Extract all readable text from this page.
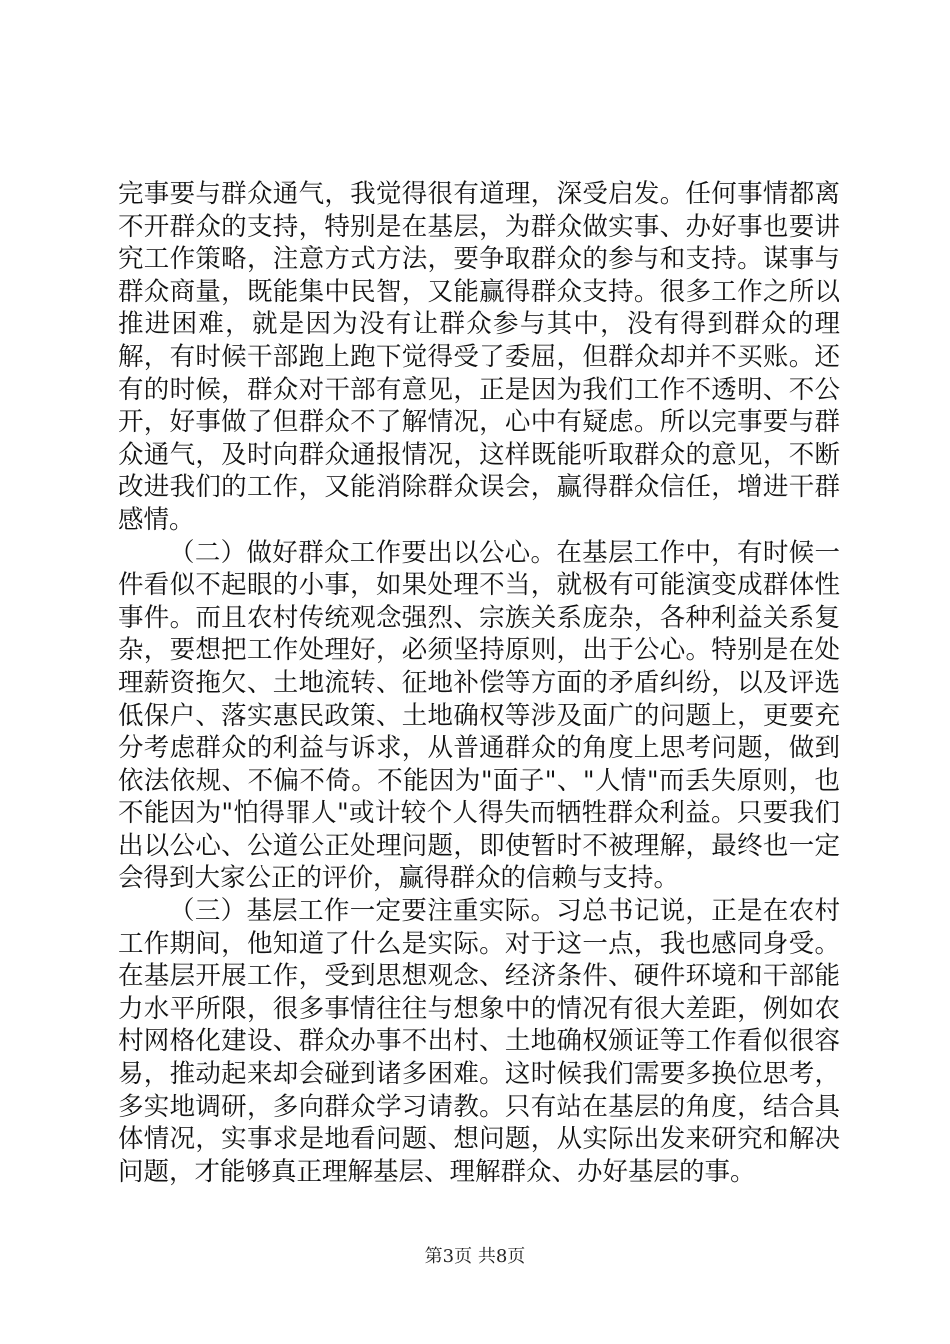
完事要与群众通气，我觉得很有道理，深受启发。任何事情都离不开群众的支持，特别是在基层，为群众做实事、办好事也要讲究工作策略，注意方式方法，要争取群众的参与和支持。谋事与群众商量，既能集中民智，又能赢得群众支持。很多工作之所以推进困难，就是因为没有让群众参与其中，没有得到群众的理解，有时候干部跑上跑下觉得受了委屈，但群众却并不买账。还有的时候，群众对干部有意见，正是因为我们工作不透明、不公开，好事做了但群众不了解情况，心中有疑虑。所以完事要与群众通气，及时向群众通报情况，这样既能听取群众的意见，不断改进我们的工作，又能消除群众误会，赢得群众信任，增进干群感情。

（二）做好群众工作要出以公心。在基层工作中，有时候一件看似不起眼的小事，如果处理不当，就极有可能演变成群体性事件。而且农村传统观念强烈、宗族关系庞杂，各种利益关系复杂，要想把工作处理好，必须坚持原则，出于公心。特别是在处理薪资拖欠、土地流转、征地补偿等方面的矛盾纠纷，以及评选低保户、落实惠民政策、土地确权等涉及面广的问题上，更要充分考虑群众的利益与诉求，从普通群众的角度上思考问题，做到依法依规、不偏不倚。不能因为"面子"、"人情"而丢失原则，也不能因为"怕得罪人"或计较个人得失而牺牲群众利益。只要我们出以公心、公道公正处理问题，即使暂时不被理解，最终也一定会得到大家公正的评价，赢得群众的信赖与支持。

（三）基层工作一定要注重实际。习总书记说，正是在农村工作期间，他知道了什么是实际。对于这一点，我也感同身受。在基层开展工作，受到思想观念、经济条件、硬件环境和干部能力水平所限，很多事情往往与想象中的情况有很大差距，例如农村网格化建设、群众办事不出村、土地确权颁证等工作看似很容易，推动起来却会碰到诸多困难。这时候我们需要多换位思考，多实地调研，多向群众学习请教。只有站在基层的角度，结合具体情况，实事求是地看问题、想问题，从实际出发来研究和解决问题，才能够真正理解基层、理解群众、办好基层的事。

第3页 共8页
